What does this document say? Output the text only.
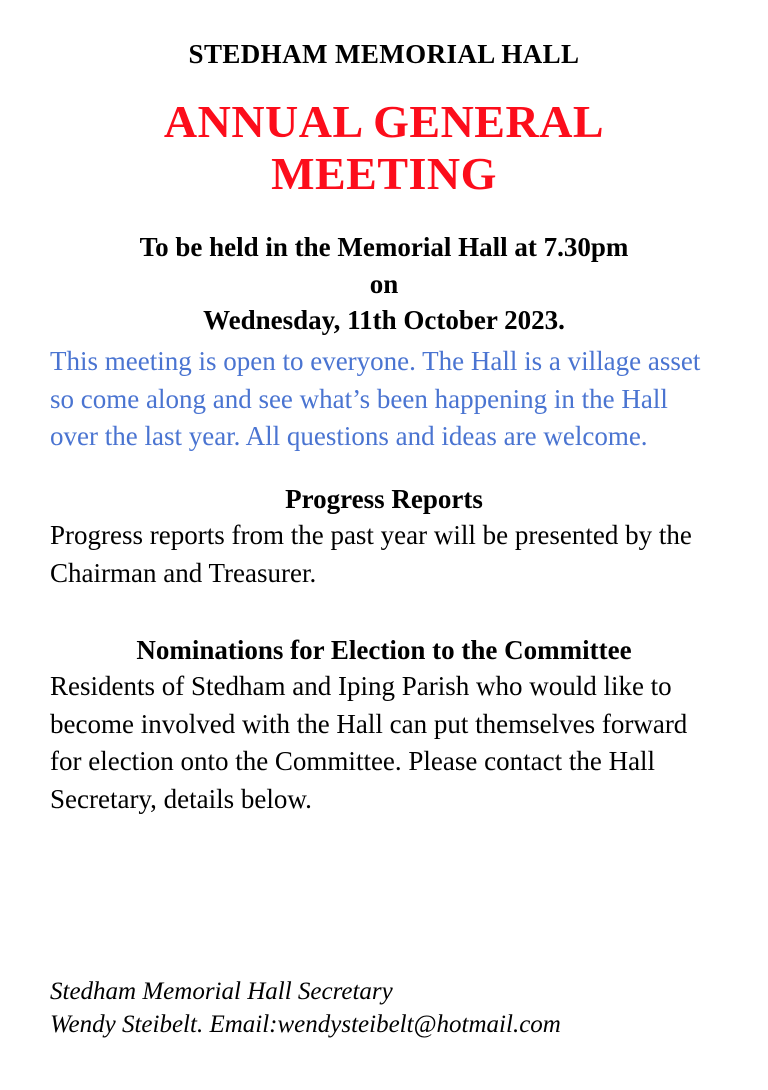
STEDHAM MEMORIAL HALL
ANNUAL GENERAL
MEETING
To be held in the Memorial Hall at 7.30pm
on
Wednesday, 11th October 2023.

This meeting is open to everyone. The Hall is a village asset so come along and see what’s been happening in the Hall over the last year. All questions and ideas are welcome.

Progress Reports

Progress reports from the past year will be presented by the Chairman and Treasurer.

Nominations for Election to the Committee

Residents of Stedham and Iping Parish who would like to become involved with the Hall can put themselves forward for election onto the Committee. Please contact the Hall Secretary, details below.

Stedham Memorial Hall Secretary
Wendy Steibelt. Email:wendysteibelt@hotmail.com
